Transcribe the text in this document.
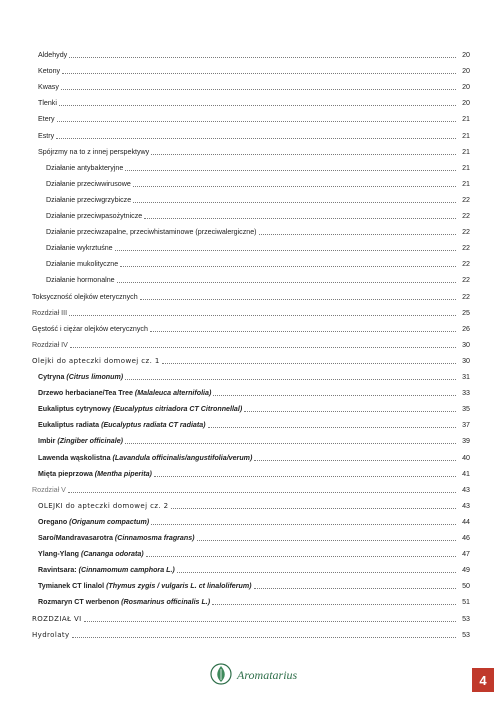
Aldehydy	20
Ketony	20
Kwasy	20
Tlenki	20
Etery	21
Estry	21
Spójrzmy na to z innej perspektywy	21
Działanie antybakteryjne	21
Działanie przeciwwirusowe	21
Działanie przeciwgrzybicze	22
Działanie przeciwpasożytnicze	22
Działanie przeciwzapalne, przeciwhistaminowe (przeciwalergiczne)	22
Działanie wykrztuśne	22
Działanie mukolityczne	22
Działanie hormonalne	22
Toksyczność olejków eterycznych	22
Rozdział III	25
Gęstość i ciężar olejków eterycznych	26
Rozdział IV	30
Olejki do apteczki domowej cz. 1	30
Cytryna (Citrus limonum)	31
Drzewo herbaciane/Tea Tree (Malaleuca alternifolia)	33
Eukaliptus cytrynowy (Eucalyptus citriadora CT Citronnellal)	35
Eukaliptus radiata (Eucalyptus radiata CT radiata)	37
Imbir (Zingiber officinale)	39
Lawenda wąskolistna (Lavandula officinalis/angustifolia/verum)	40
Mięta pieprzowa (Mentha piperita)	41
Rozdział V	43
OLEJKI do apteczki domowej cz. 2	43
Oregano (Origanum compactum)	44
Saro/Mandravasarotra (Cinnamosma fragrans)	46
Ylang-Ylang (Cananga odorata)	47
Ravintsara: (Cinnamomum camphora L.)	49
Tymianek CT linalol (Thymus zygis / vulgaris L. ct linaloliferum)	50
Rozmaryn CT werbenon (Rosmarinus officinalis L.)	51
ROZDZIAŁ VI	53
Hydrolaty	53
Aromatarius	4
